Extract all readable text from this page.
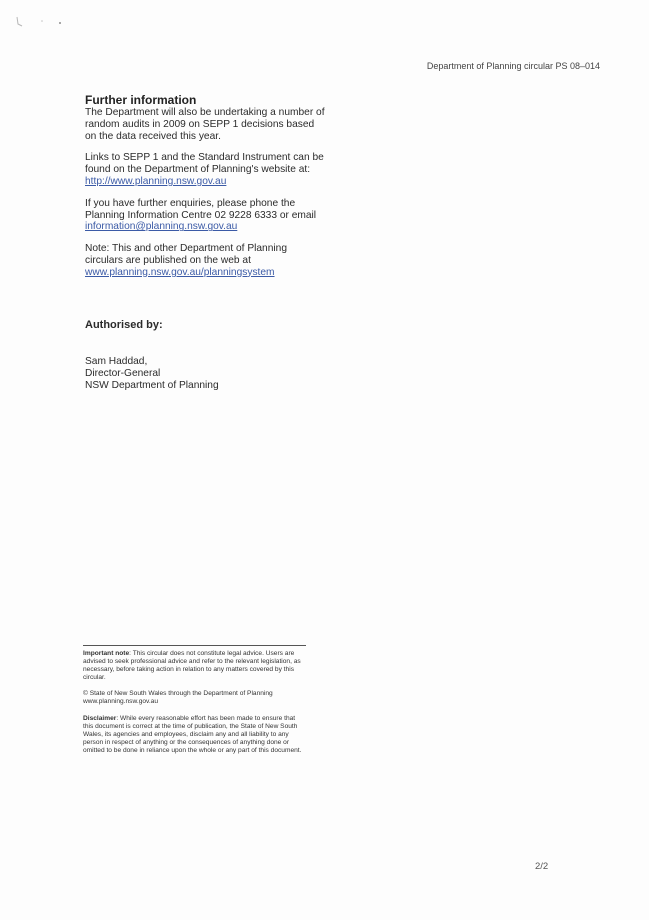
Department of Planning circular PS 08–014
Further information

The Department will also be undertaking a number of random audits in 2009 on SEPP 1 decisions based on the data received this year.

Links to SEPP 1 and the Standard Instrument can be found on the Department of Planning's website at: http://www.planning.nsw.gov.au

If you have further enquiries, please phone the Planning Information Centre 02 9228 6333 or email information@planning.nsw.gov.au

Note: This and other Department of Planning circulars are published on the web at www.planning.nsw.gov.au/planningsystem

Authorised by:
Sam Haddad,
Director-General
NSW Department of Planning

Important note: This circular does not constitute legal advice. Users are advised to seek professional advice and refer to the relevant legislation, as necessary, before taking action in relation to any matters covered by this circular.

© State of New South Wales through the Department of Planning
www.planning.nsw.gov.au

Disclaimer: While every reasonable effort has been made to ensure that this document is correct at the time of publication, the State of New South Wales, its agencies and employees, disclaim any and all liability to any person in respect of anything or the consequences of anything done or omitted to be done in reliance upon the whole or any part of this document.

2/2
